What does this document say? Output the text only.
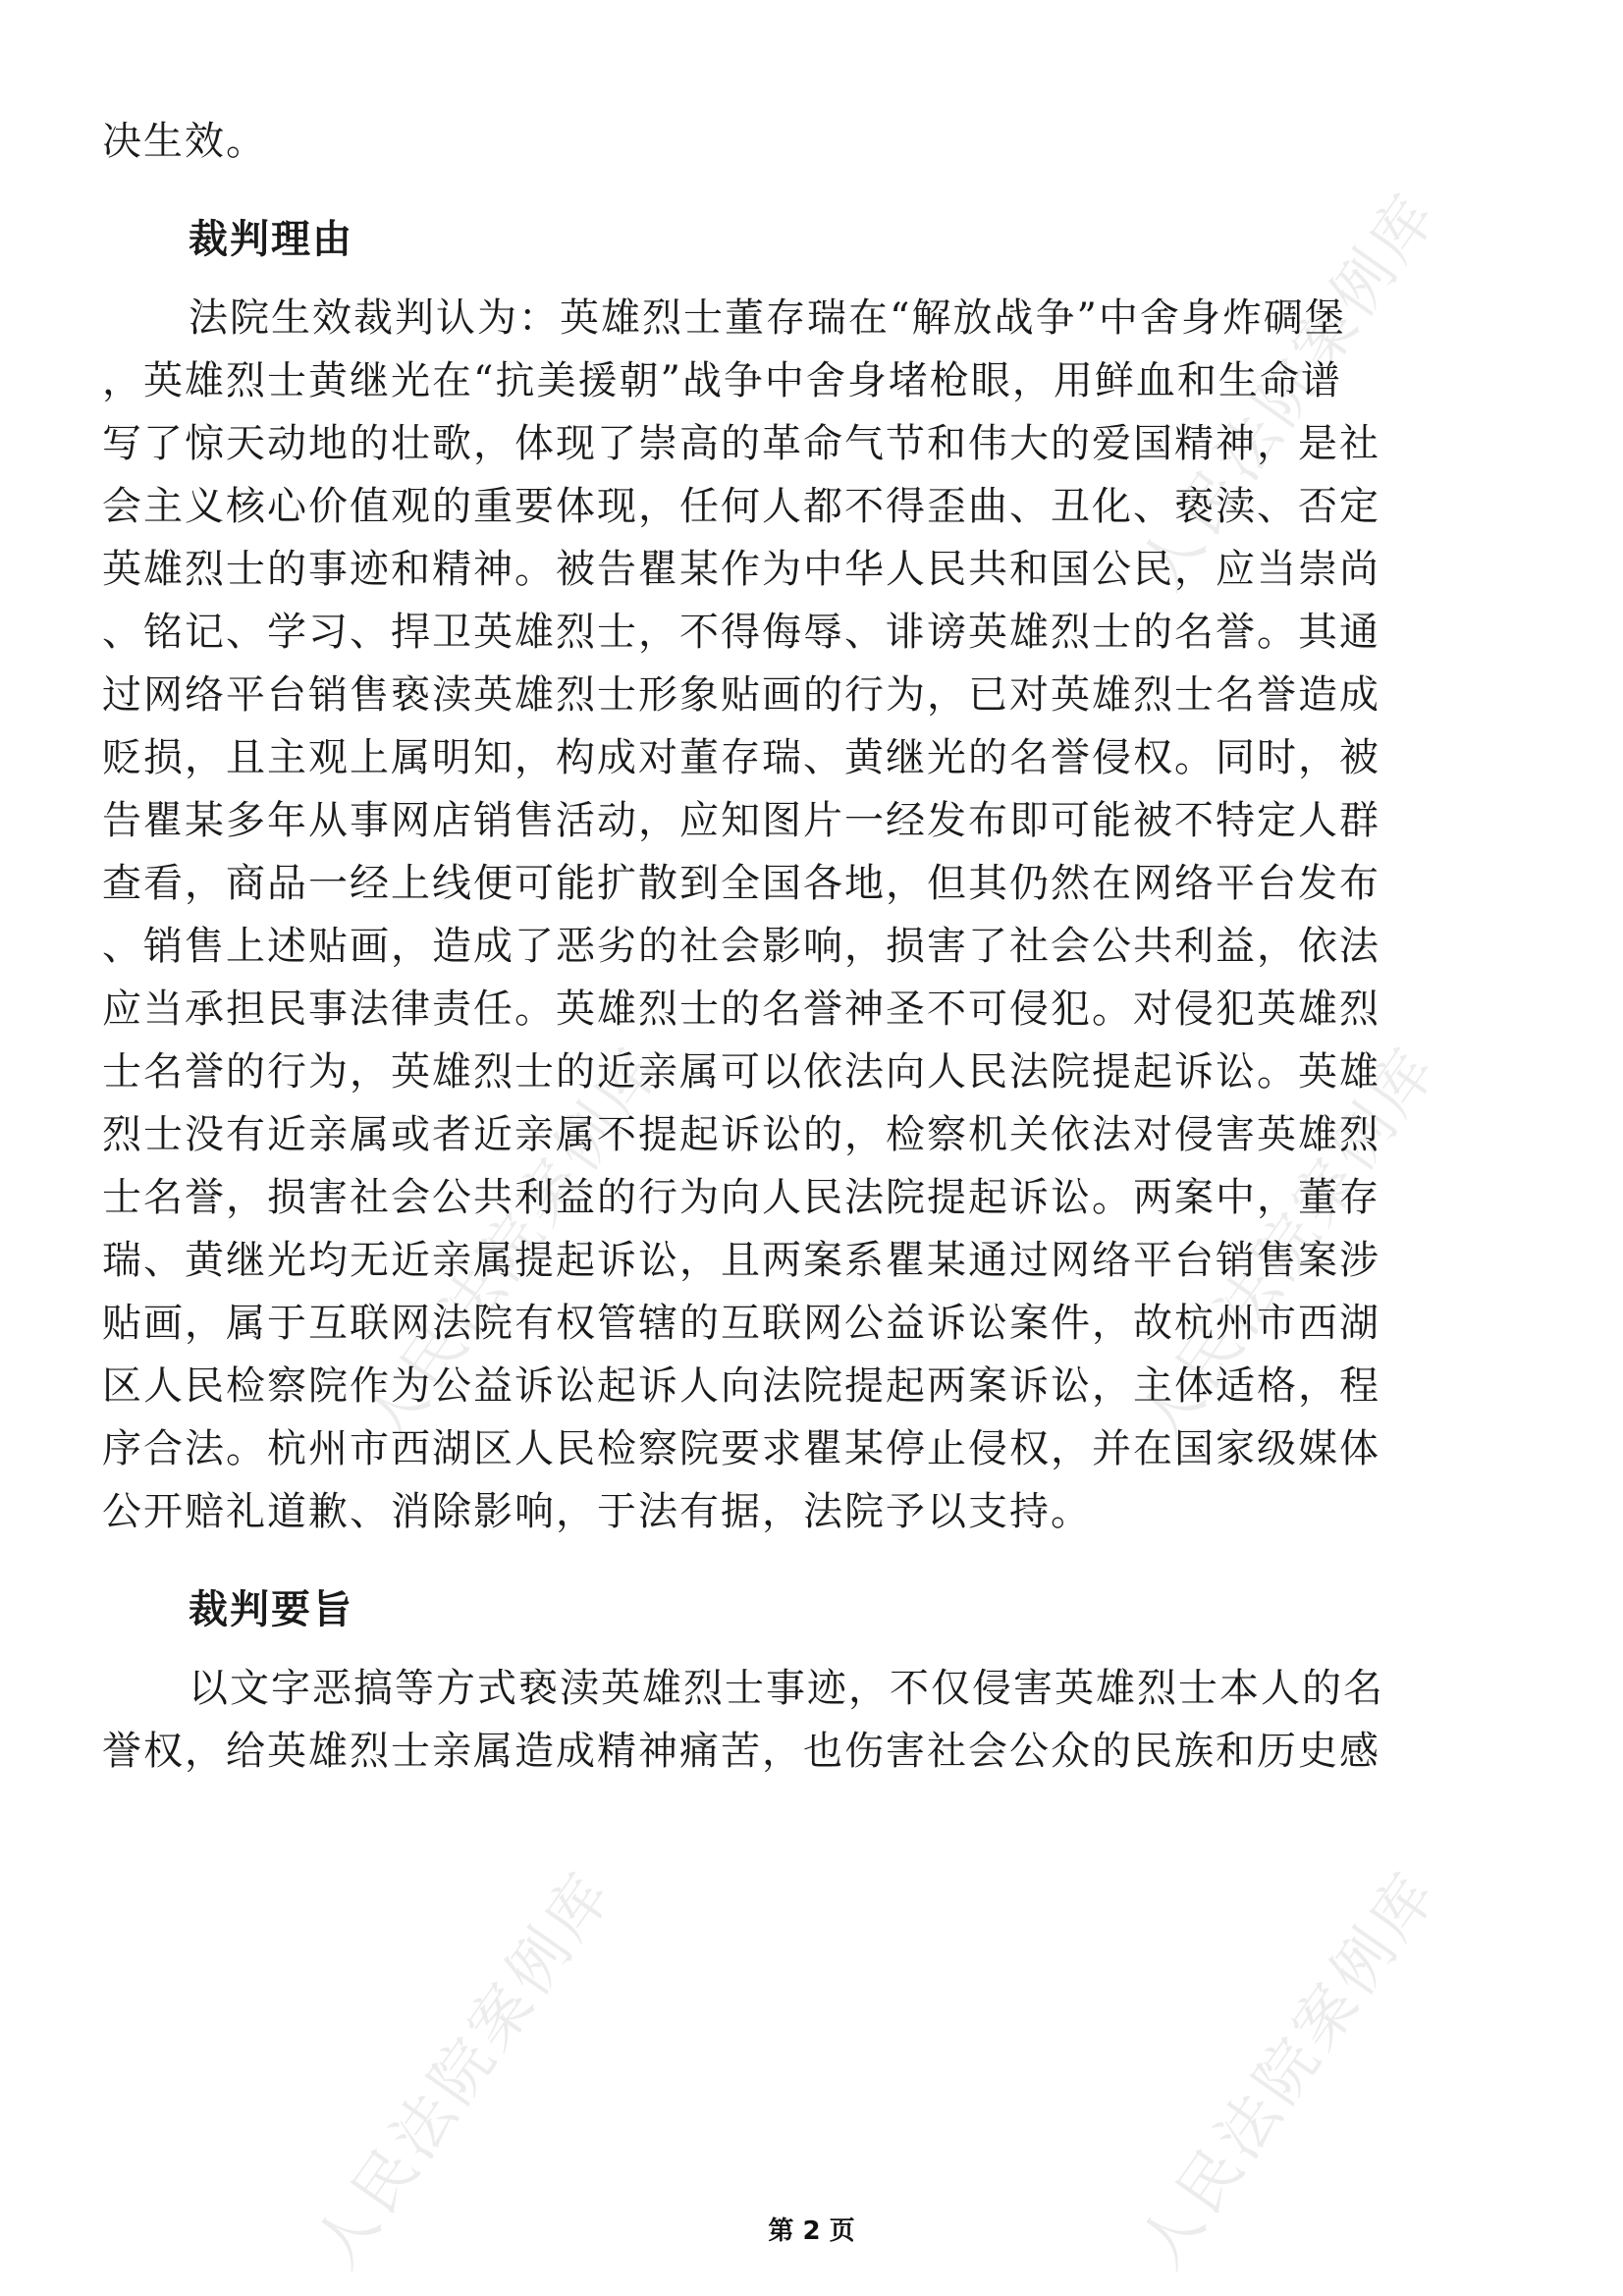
人民法院案例库
人民法院案例库	人民法院案例库
人民法院案例库	人民法院案例库

决生效。

裁判理由

法院生效裁判认为：英雄烈士董存瑞在“解放战争”中舍身炸碉堡

，英雄烈士黄继光在“抗美援朝”战争中舍身堵枪眼，用鲜血和生命谱

写了惊天动地的壮歌，体现了崇高的革命气节和伟大的爱国精神，是社

会主义核心价值观的重要体现，任何人都不得歪曲、丑化、亵渎、否定

英雄烈士的事迹和精神。被告瞿某作为中华人民共和国公民，应当崇尚

、铭记、学习、捍卫英雄烈士，不得侮辱、诽谤英雄烈士的名誉。其通

过网络平台销售亵渎英雄烈士形象贴画的行为，已对英雄烈士名誉造成

贬损，且主观上属明知，构成对董存瑞、黄继光的名誉侵权。同时，被

告瞿某多年从事网店销售活动，应知图片一经发布即可能被不特定人群

查看，商品一经上线便可能扩散到全国各地，但其仍然在网络平台发布

、销售上述贴画，造成了恶劣的社会影响，损害了社会公共利益，依法

应当承担民事法律责任。英雄烈士的名誉神圣不可侵犯。对侵犯英雄烈

士名誉的行为，英雄烈士的近亲属可以依法向人民法院提起诉讼。英雄

烈士没有近亲属或者近亲属不提起诉讼的，检察机关依法对侵害英雄烈

士名誉，损害社会公共利益的行为向人民法院提起诉讼。两案中，董存

瑞、黄继光均无近亲属提起诉讼，且两案系瞿某通过网络平台销售案涉

贴画，属于互联网法院有权管辖的互联网公益诉讼案件，故杭州市西湖

区人民检察院作为公益诉讼起诉人向法院提起两案诉讼，主体适格，程

序合法。杭州市西湖区人民检察院要求瞿某停止侵权，并在国家级媒体

公开赔礼道歉、消除影响，于法有据，法院予以支持。

裁判要旨

以文字恶搞等方式亵渎英雄烈士事迹，不仅侵害英雄烈士本人的名

誉权，给英雄烈士亲属造成精神痛苦，也伤害社会公众的民族和历史感

第 2 页
